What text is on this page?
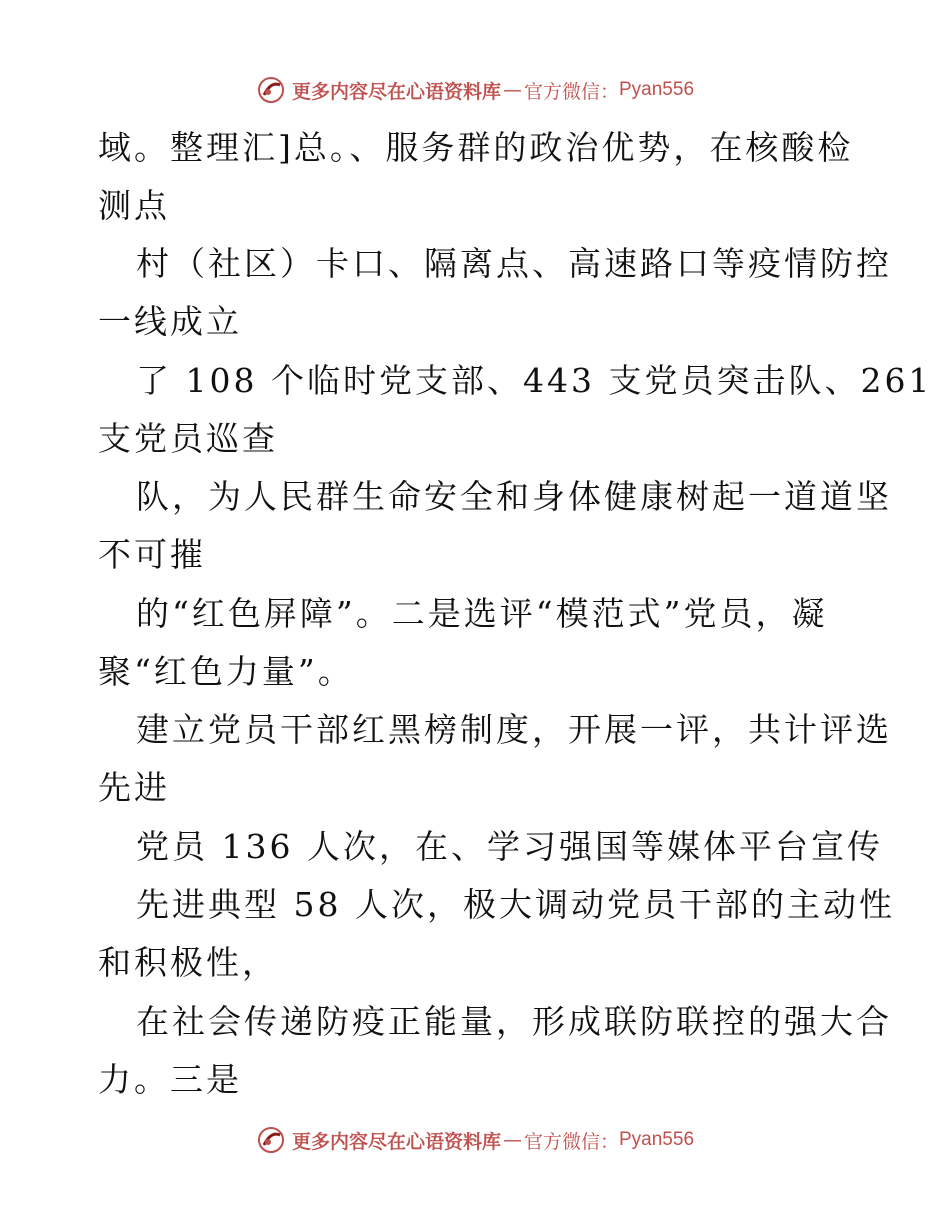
更多内容尽在心语资料库 — 官方微信： Pyan556
域。整理汇]总。、服务群的政治优势，在核酸检
测点
村（社区）卡口、隔离点、高速路口等疫情防控
一线成立
了 108 个临时党支部、443 支党员突击队、261
支党员巡查
队，为人民群生命安全和身体健康树起一道道坚
不可摧
的“红色屏障”。二是选评“模范式”党员，凝
聚“红色力量”。
建立党员干部红黑榜制度，开展一评，共计评选
先进
党员 136 人次，在、学习强国等媒体平台宣传
先进典型 58 人次，极大调动党员干部的主动性
和积极性，
在社会传递防疫正能量，形成联防联控的强大合
力。三是
更多内容尽在心语资料库 — 官方微信： Pyan556
